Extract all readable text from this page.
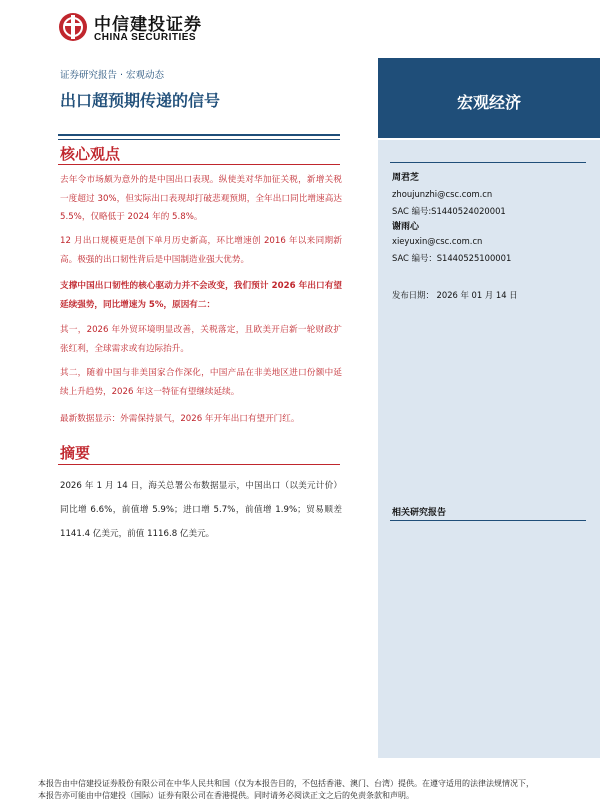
中信建投证券
CHINA SECURITIES
证券研究报告 · 宏观动态
出口超预期传递的信号	宏观经济
核心观点
去年令市场颇为意外的是中国出口表现。纵使美对华加征关税，新增关税一度超过 30%，但实际出口表现却打破悲观预期，全年出口同比增速高达 5.5%，仅略低于 2024 年的 5.8%。
12 月出口规模更是创下单月历史新高，环比增速创 2016 年以来同期新高。极强的出口韧性背后是中国制造业强大优势。
支撑中国出口韧性的核心驱动力并不会改变，我们预计 2026 年出口有望延续强势，同比增速为 5%，原因有二：
其一，2026 年外贸环境明显改善，关税落定，且欧美开启新一轮财政扩张红利，全球需求或有边际抬升。
其二，随着中国与非美国家合作深化，中国产品在非美地区进口份额中延续上升趋势，2026 年这一特征有望继续延续。
最新数据显示：外需保持景气，2026 年开年出口有望开门红。
摘要
2026 年 1 月 14 日，海关总署公布数据显示，中国出口（以美元计价）同比增 6.6%，前值增 5.9%；进口增 5.7%，前值增 1.9%；贸易顺差 1141.4 亿美元，前值 1116.8 亿美元。
周君芝
zhoujunzhi@csc.com.cn
SAC 编号:S1440524020001
谢雨心
xieyuxin@csc.com.cn
SAC 编号：S1440525100001
发布日期： 2026 年 01 月 14 日
相关研究报告
本报告由中信建投证券股份有限公司在中华人民共和国（仅为本报告目的，不包括香港、澳门、台湾）提供。在遵守适用的法律法规情况下，
本报告亦可能由中信建投（国际）证券有限公司在香港提供。同时请务必阅读正文之后的免责条款和声明。
